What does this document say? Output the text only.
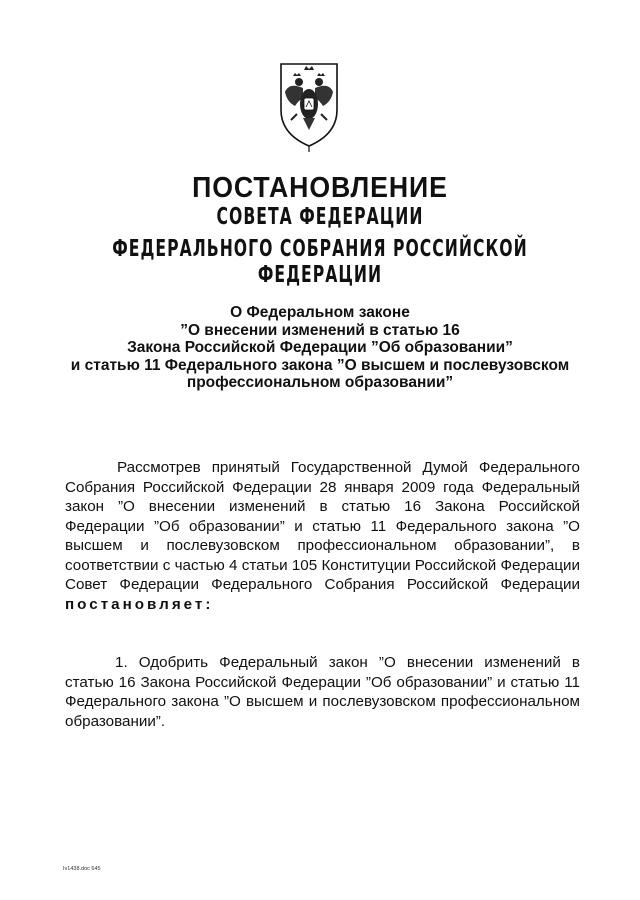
ПОСТАНОВЛЕНИЕ
СОВЕТА ФЕДЕРАЦИИ
ФЕДЕРАЛЬНОГО СОБРАНИЯ РОССИЙСКОЙ ФЕДЕРАЦИИ
О Федеральном законе
”О внесении изменений в статью 16
Закона Российской Федерации ”Об образовании”
и статью 11 Федерального закона ”О высшем и послевузовском
профессиональном образовании”
Рассмотрев принятый Государственной Думой Федерального Собрания Российской Федерации 28 января 2009 года Федеральный закон ”О внесении изменений в статью 16 Закона Российской Федерации ”Об образовании” и статью 11 Федерального закона ”О высшем и послевузовском профессиональном образовании”, в соответствии с частью 4 статьи 105 Конституции Российской Федерации Совет Федерации Федерального Собрания Российской Федерации постановляет:
1. Одобрить Федеральный закон ”О внесении изменений в статью 16 Закона Российской Федерации ”Об образовании” и статью 11 Федерального закона ”О высшем и послевузовском профессиональном образовании”.
Iv1438.doc 645
